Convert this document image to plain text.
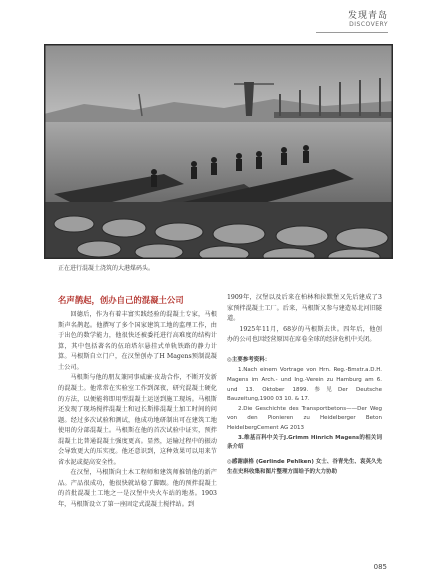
发现青岛
DISCOVERY
正在进行混凝土浇筑的大港煤码头。
名声鹊起，创办自己的混凝土公司

回德后，作为有着丰富实践经验的混凝土专家，马根斯声名鹊起。他撰写了多个国家建筑工地的监理工作，由于出色的数学能力，他很快还被委托进行高难度的结构计算，其中包括著名的伍珀塔尔悬挂式单轨铁路的静力计算。马根斯自立门户，在汉堡创办了H Magens预制混凝土公司。

马根斯与他的朋友兼同事威廉·皮劫合作，不断开发新的混凝土。他常常在实验室工作到深夜，研究混凝土硬化的方法，以便能将即用型混凝土运送到施工现场。马根斯还发现了现场搅拌混凝土和冠长斯排混凝土加工时间的问题。经过多次试验和测试，他成功地研制出可在建筑工地使用的分部混凝土。马根斯在他的首次试验中证实，预拌混凝土比普通混凝土强度更高。显然，运输过程中的振动会导致更大的压实度。他还意识到，这种效果可以用来节省水泥或提高安全性。

在汉堡，马根斯向土木工程师和建筑师推销他的新产品。产品很成功，他很快就站稳了脚跟。他的预拌混凝土的首批混凝土工地之一是汉堡中央火车站的地基。1903年，马根斯设立了第一座固定式混凝土搅拌站。到

1909年，汉堡以及后来在柏林和拉默堡又先后建成了3家预拌混凝土工厂。后来，马根斯又参与建造易北河旧隧道。

1925年11月，68岁的马根斯去世。四年后，他创办的公司也因经营原因在席卷全球的经济危机中关闭。

◎主要参考资料：

1.Nach einem Vortrage von Hrn. Reg.-Bmstr.a.D.H. Magens im Arch.- und Ing.-Verein zu Hamburg am 6. und 13. Oktober 1899.参见Der Deutsche Bauzeitung,1900 03 10. & 17.

2.Die Geschichte des Transportbetons——Der Weg von den Pionieren zu Heidelberger Beton HeidelbergCement AG 2013

3.维基百科中关于J.Grimm Hinrich Magens的相关词条介绍

◎感谢康格 (Gerlinde Pehlken) 女士、谷青先生、袁英久先生在史料收集和图片整理方面给予的大力协助
085
